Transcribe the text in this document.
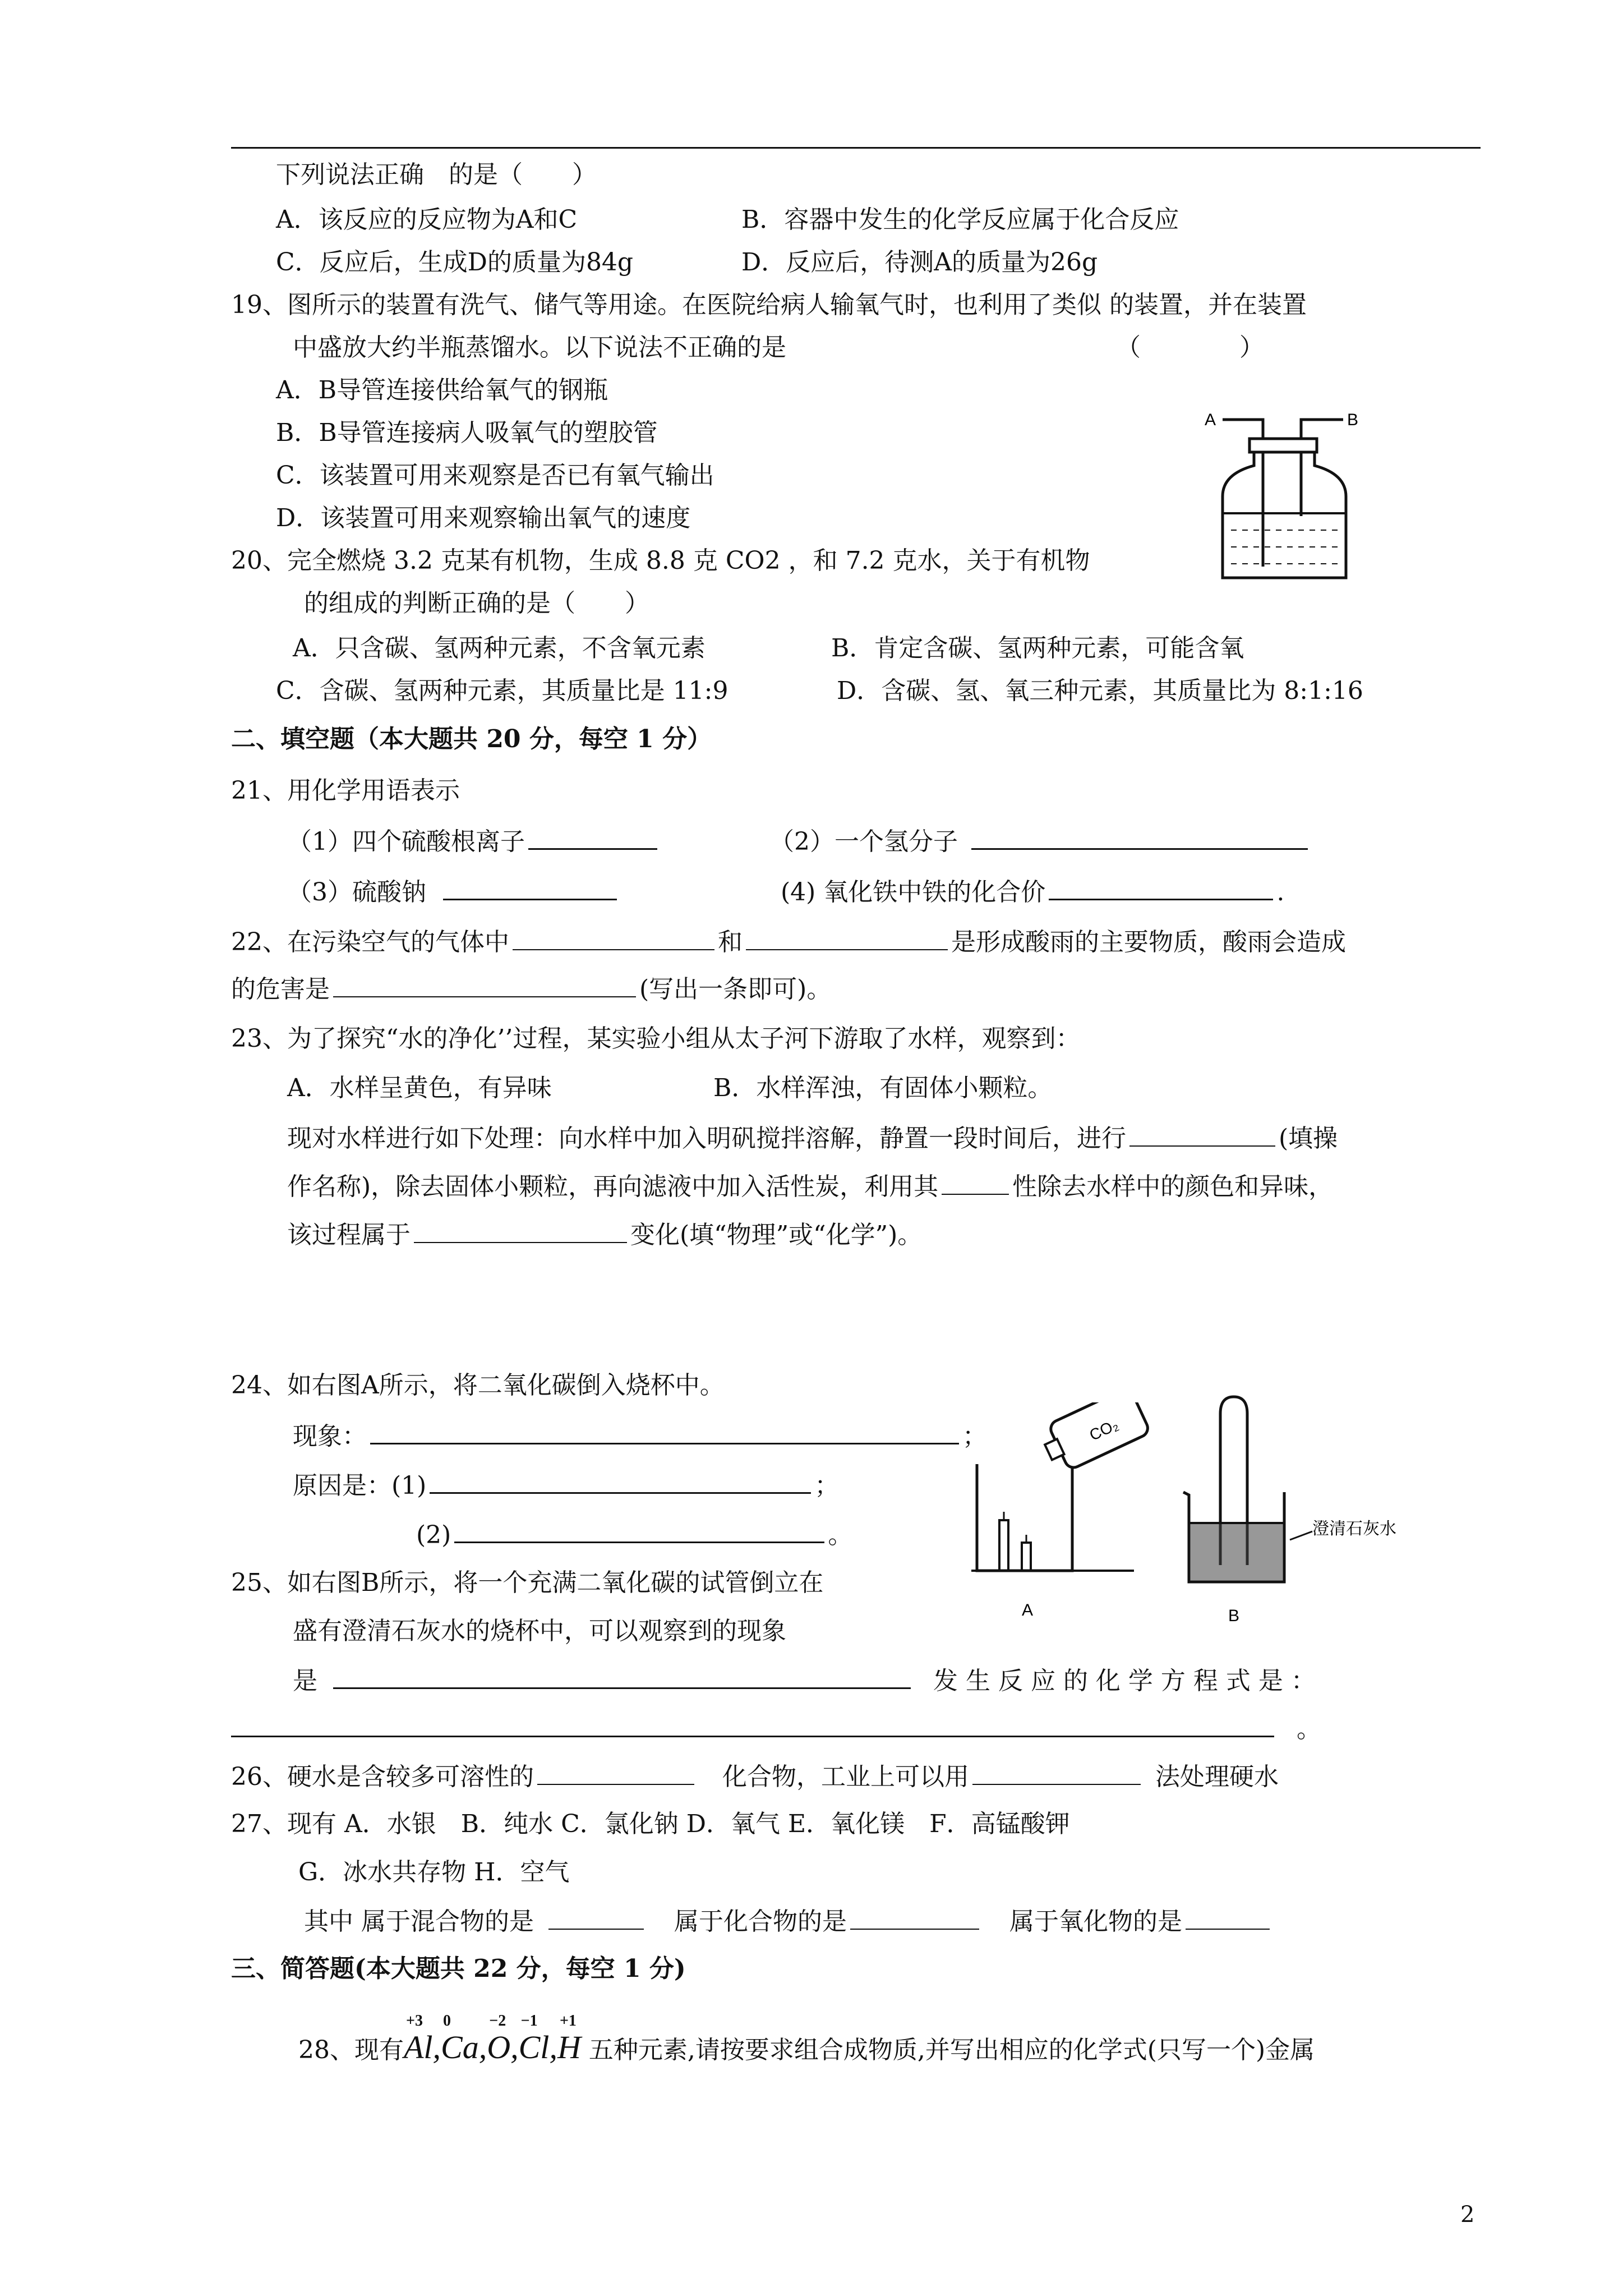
下列说法正确　的是（　　）
A．该反应的反应物为A和C	B．容器中发生的化学反应属于化合反应
C．反应后，生成D的质量为84g	D．反应后，待测A的质量为26g
19、图所示的装置有洗气、储气等用途。在医院给病人输氧气时，也利用了类似 的装置，并在装置
中盛放大约半瓶蒸馏水。以下说法不正确的是	（　　　　）
A．B导管连接供给氧气的钢瓶
B．B导管连接病人吸氧气的塑胶管
C．该装置可用来观察是否已有氧气输出
D．该装置可用来观察输出氧气的速度
A	B
20、完全燃烧 3.2 克某有机物，生成 8.8 克 CO2 ，和 7.2 克水，关于有机物
的组成的判断正确的是（　　）
A．只含碳、氢两种元素，不含氧元素	B．肯定含碳、氢两种元素，可能含氧
C．含碳、氢两种元素，其质量比是 11:9	D．含碳、氢、氧三种元素，其质量比为 8:1:16
二、填空题（本大题共 20 分，每空 1 分）
21、用化学用语表示
（1）四个硫酸根离子	（2）一个氢分子
（3）硫酸钠	(4) 氧化铁中铁的化合价	.
22、在污染空气的气体中	和	是形成酸雨的主要物质，酸雨会造成
的危害是	(写出一条即可)。
23、为了探究“水的净化’’过程，某实验小组从太子河下游取了水样，观察到：
A．水样呈黄色，有异味	B．水样浑浊，有固体小颗粒。
现对水样进行如下处理：向水样中加入明矾搅拌溶解，静置一段时间后，进行	(填操
作名称)，除去固体小颗粒，再向滤液中加入活性炭，利用其	性除去水样中的颜色和异味，
该过程属于	变化(填“物理”或“化学”)。
24、如右图A所示，将二氧化碳倒入烧杯中。
现象：	；
原因是：(1)	；
(2)	。
CO₂
A
澄清石灰水
B
25、如右图B所示，将一个充满二氧化碳的试管倒立在
盛有澄清石灰水的烧杯中，可以观察到的现象
是	发 生 反 应 的 化 学 方 程 式 是 ：
。
26、硬水是含较多可溶性的	化合物，工业上可以用	法处理硬水
27、现有 A．水银　B．纯水 C．氯化钠 D．氧气 E．氧化镁　F．高锰酸钾
G．冰水共存物 H．空气
其中 属于混合物的是	属于化合物的是	属于氧化物的是
三、简答题(本大题共 22 分，每空 1 分)
28、现有
+3
Al,
0
Ca,
−2
O,
−1
Cl,
+1
H 五种元素,请按要求组合成物质,并写出相应的化学式(只写一个)金属
2
